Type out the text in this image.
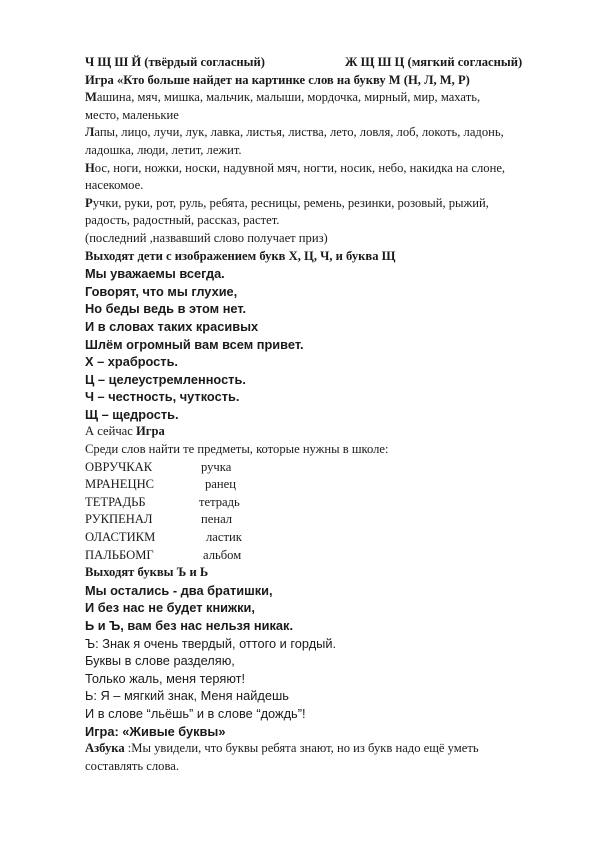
Ч Щ Ш Й (твёрдый согласный)	Ж Щ Ш Ц (мягкий согласный)
Игра «Кто больше найдет на картинке слов на букву М (Н, Л, М, Р)
Машина, мяч, мишка, мальчик, малыши, мордочка, мирный, мир, махать,
место, маленькие
Лапы, лицо, лучи, лук, лавка, листья, листва, лето, ловля, лоб, локоть, ладонь,
ладошка, люди, летит, лежит.
Нос, ноги, ножки, носки, надувной мяч, ногти, носик, небо, накидка на слоне,
насекомое.
Ручки, руки, рот, руль, ребята, ресницы, ремень, резинки, розовый, рыжий,
радость, радостный, рассказ, растет.
(последний ,назвавший слово получает приз)
Выходят дети с изображением букв Х, Ц, Ч, и буква Щ
Мы уважаемы всегда.
Говорят, что мы глухие,
Но беды ведь в этом нет.
И в словах таких красивых
Шлём огромный вам всем привет.
Х – храбрость.
Ц – целеустремленность.
Ч – честность, чуткость.
Щ – щедрость.
А сейчас Игра
Среди слов найти те предметы, которые нужны в школе:
ОВРУЧКАК	ручка
МРАНЕЦНС	ранец
ТЕТРАДЬБ	тетрадь
РУКПЕНАЛ	пенал
ОЛАСТИКМ	ластик
ПАЛЬБОМГ	альбом
Выходят буквы Ъ и Ь
Мы остались - два братишки,
И без нас не будет книжки,
Ь и Ъ, вам без нас нельзя никак.
Ъ: Знак я очень твердый, оттого и гордый.
Буквы в слове разделяю,
Только жаль, меня теряют!
Ь: Я – мягкий знак, Меня найдешь
И в слове “льёшь” и в слове “дождь”!
Игра: «Живые буквы»
Азбука :Мы увидели, что буквы ребята знают, но из букв надо ещё уметь
составлять слова.
